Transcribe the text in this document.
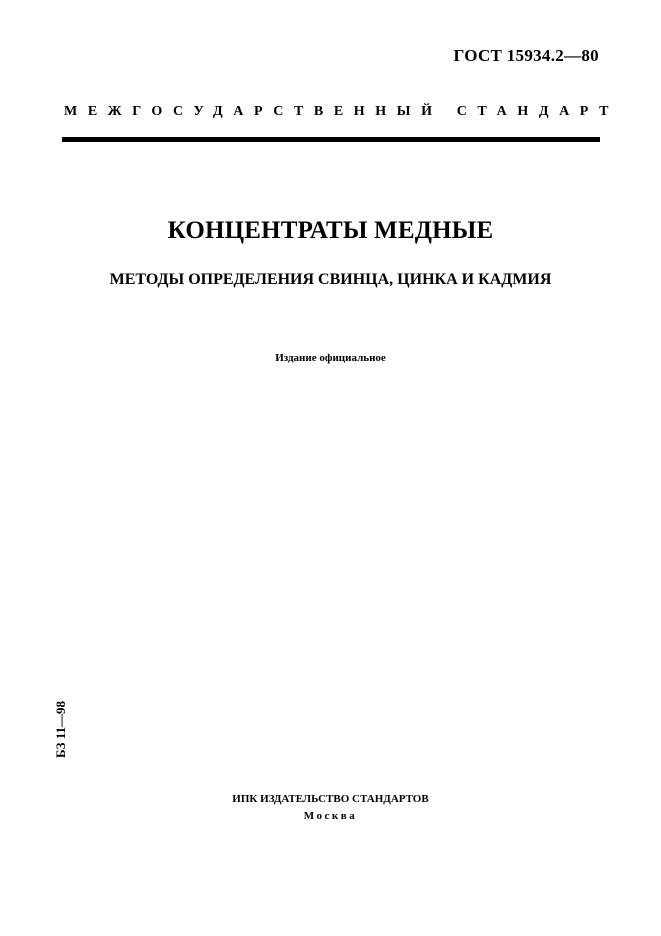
ГОСТ 15934.2—80
МЕЖГОСУДАРСТВЕННЫЙ СТАНДАРТ
КОНЦЕНТРАТЫ МЕДНЫЕ
МЕТОДЫ ОПРЕДЕЛЕНИЯ СВИНЦА, ЦИНКА И КАДМИЯ
Издание официальное
БЗ 11—98
ИПК ИЗДАТЕЛЬСТВО СТАНДАРТОВ
Москва
